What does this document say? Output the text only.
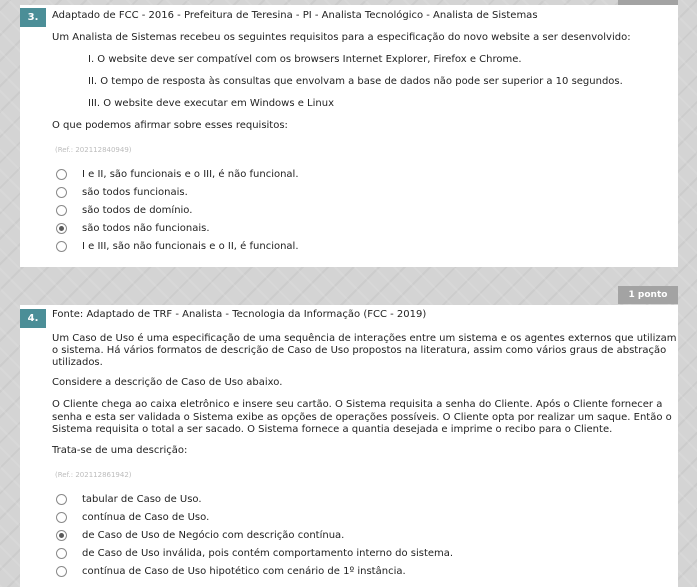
3.	Adaptado de FCC - 2016 - Prefeitura de Teresina - PI - Analista Tecnológico - Analista de Sistemas
Um Analista de Sistemas recebeu os seguintes requisitos para a especificação do novo website a ser desenvolvido:
I. O website deve ser compatível com os browsers Internet Explorer, Firefox e Chrome.
II. O tempo de resposta às consultas que envolvam a base de dados não pode ser superior a 10 segundos.
III. O website deve executar em Windows e Linux
O que podemos afirmar sobre esses requisitos:
(Ref.: 202112840949)
I e II, são funcionais e o III, é não funcional.
são todos funcionais.
são todos de domínio.
são todos não funcionais.
I e III, são não funcionais e o II, é funcional.
1 ponto
4.	Fonte: Adaptado de TRF - Analista - Tecnologia da Informação (FCC - 2019)
Um Caso de Uso é uma especificação de uma sequência de interações entre um sistema e os agentes externos que utilizam
o sistema. Há vários formatos de descrição de Caso de Uso propostos na literatura, assim como vários graus de abstração
utilizados.
Considere a descrição de Caso de Uso abaixo.
O Cliente chega ao caixa eletrônico e insere seu cartão. O Sistema requisita a senha do Cliente. Após o Cliente fornecer a
senha e esta ser validada o Sistema exibe as opções de operações possíveis. O Cliente opta por realizar um saque. Então o
Sistema requisita o total a ser sacado. O Sistema fornece a quantia desejada e imprime o recibo para o Cliente.
Trata-se de uma descrição:
(Ref.: 202112861942)
tabular de Caso de Uso.
contínua de Caso de Uso.
de Caso de Uso de Negócio com descrição contínua.
de Caso de Uso inválida, pois contém comportamento interno do sistema.
contínua de Caso de Uso hipotético com cenário de 1º instância.
